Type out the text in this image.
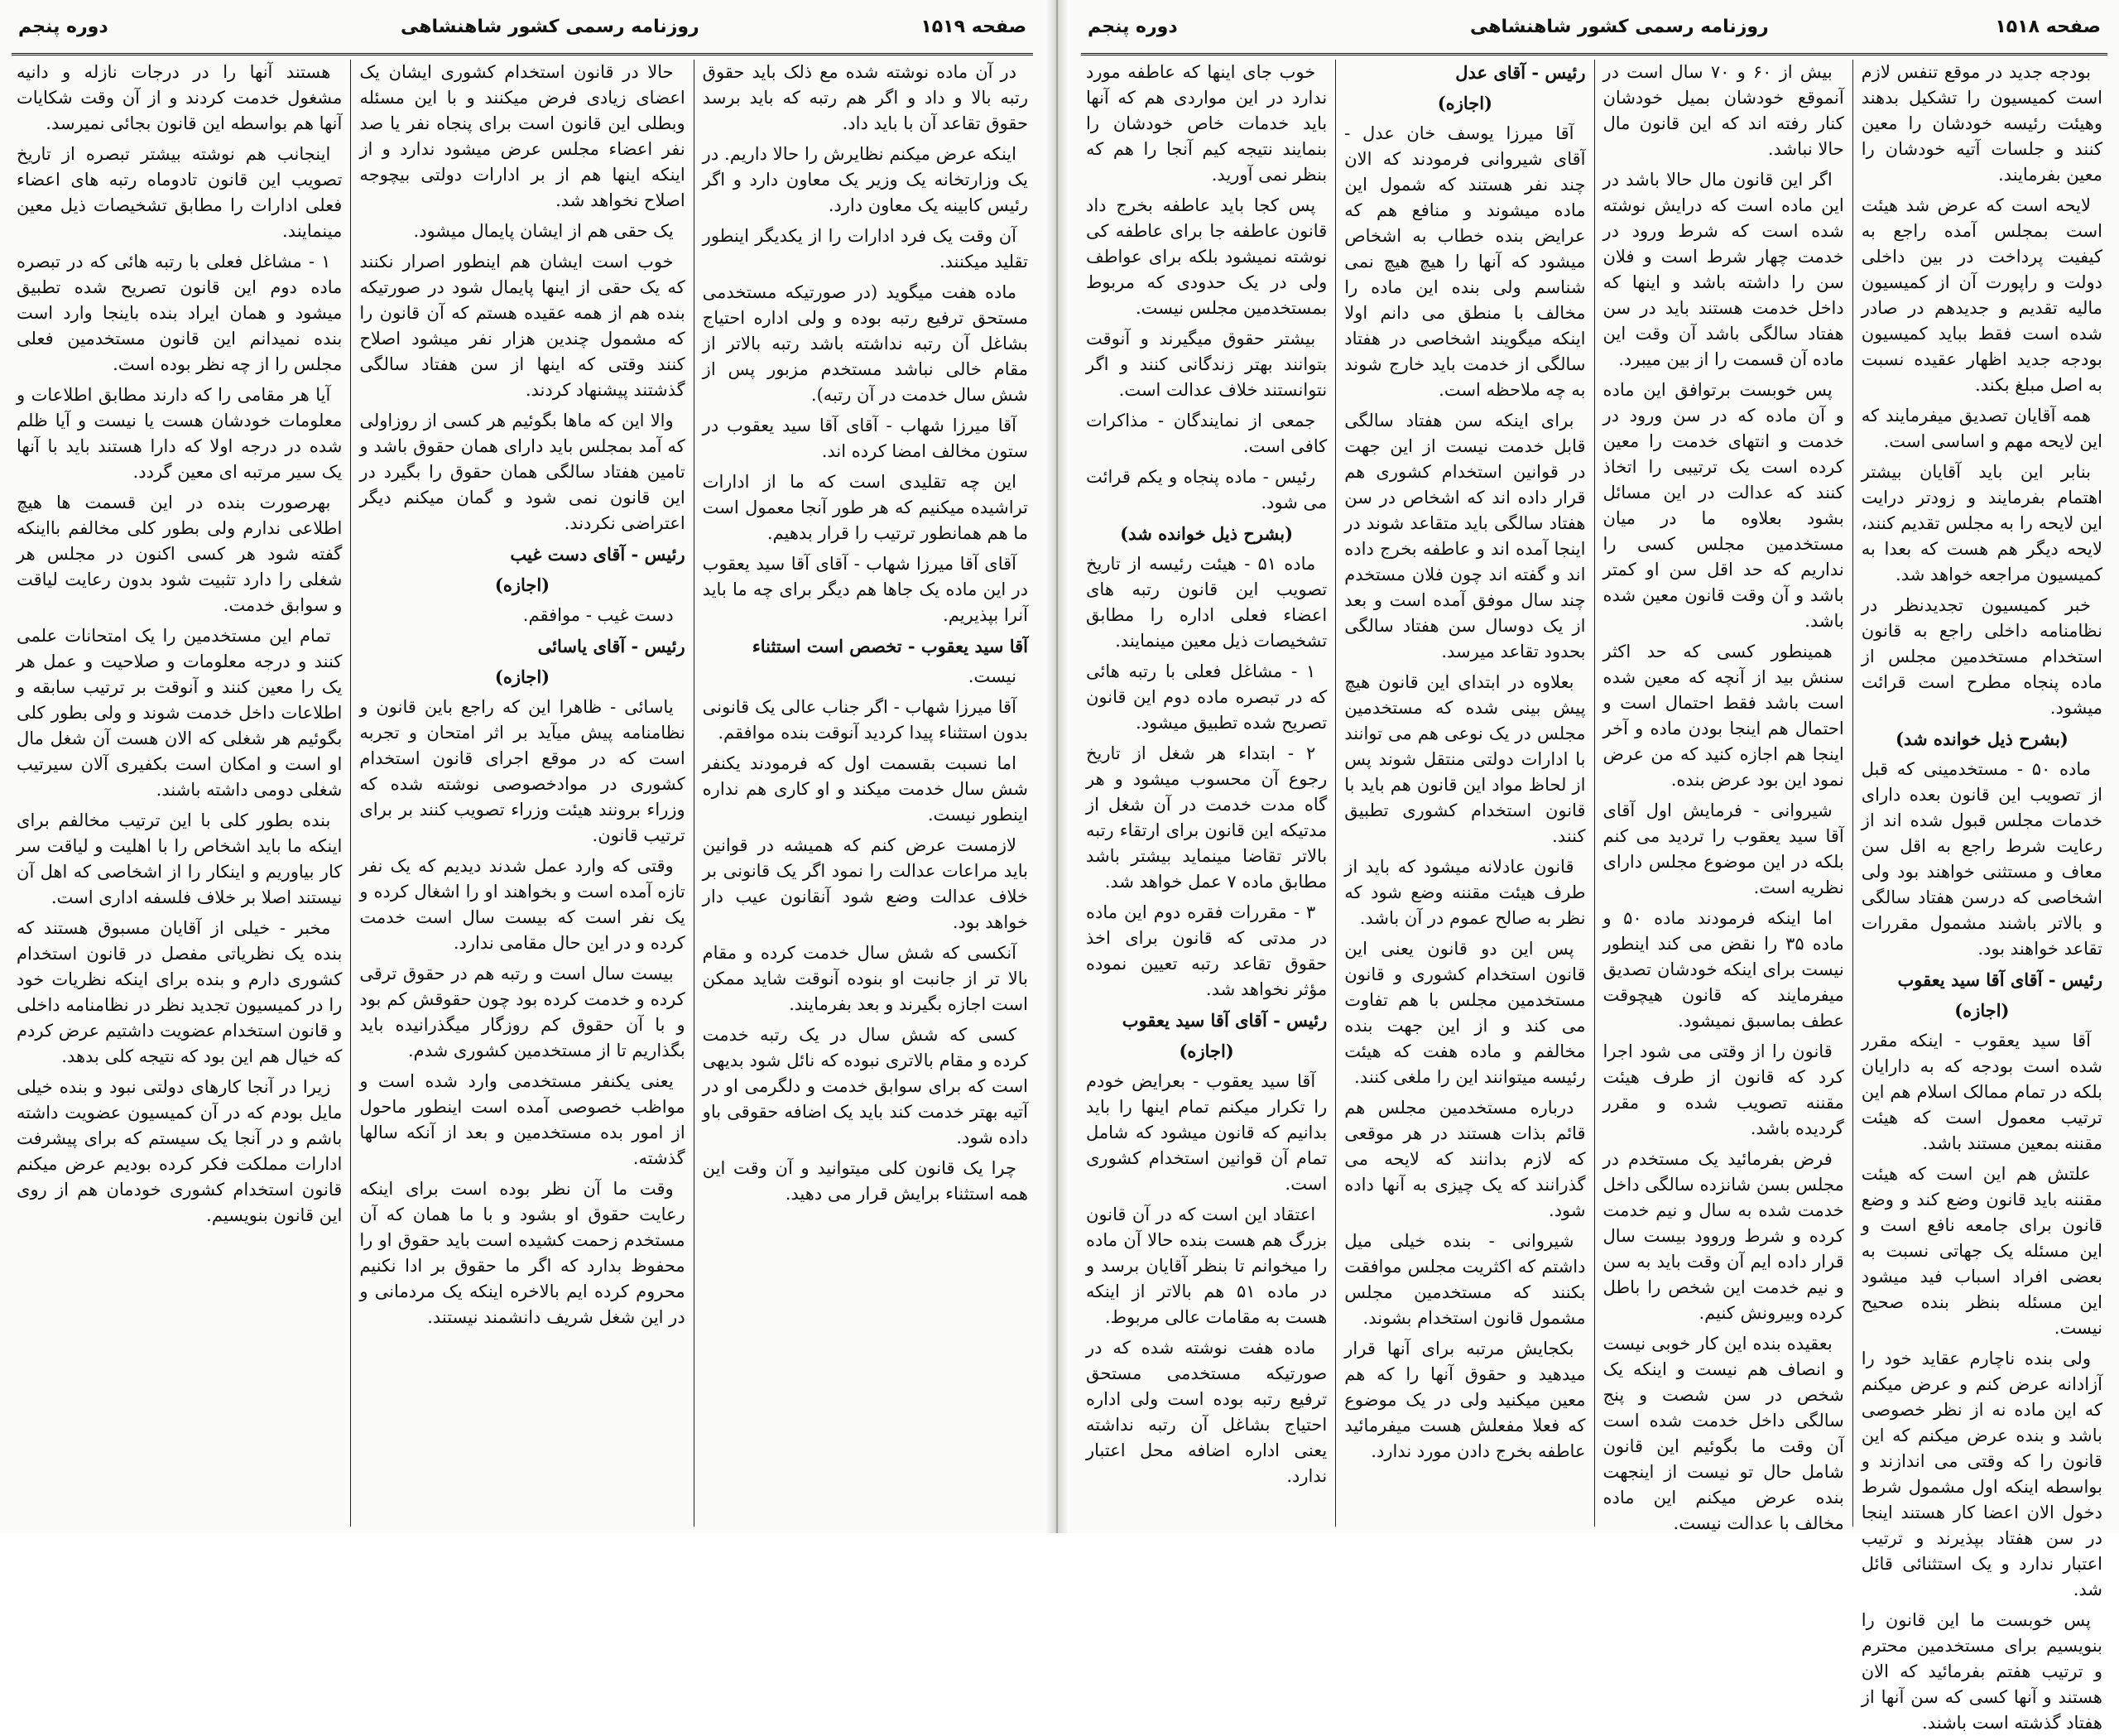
دوره پنجم	روزنامه رسمی کشور شاهنشاهی	صفحه ۱۵۱۹

در آن ماده نوشته شده مع ذلک باید حقوق رتبه بالا و داد و اگر هم رتبه که باید برسد حقوق تقاعد آن با باید داد.

اینکه عرض میکنم نظایرش را حالا داریم. در یک وزارتخانه یک وزیر یک معاون دارد و اگر رئیس کابینه یک معاون دارد.

آن وقت یک فرد ادارات را از یکدیگر اینطور تقلید میکنند.

ماده هفت میگوید (در صورتیکه مستخدمی مستحق ترفیع رتبه بوده و ولی اداره احتیاج بشاغل آن رتبه نداشته باشد رتبه بالاتر از مقام خالی نباشد مستخدم مزبور پس از شش سال خدمت در آن رتبه).

آقا میرزا شهاب - آقای آقا سید یعقوب در ستون مخالف امضا کرده اند.

این چه تقلیدی است که ما از ادارات تراشیده میکنیم که هر طور آنجا معمول است ما هم همانطور ترتیب را قرار بدهیم.

آقای آقا میرزا شهاب - آقای آقا سید یعقوب در این ماده یک جاها هم دیگر برای چه ما باید آنرا بپذیریم.

آقا سید یعقوب - تخصص است استثناء

نیست.

آقا میرزا شهاب - اگر جناب عالی یک قانونی بدون استثناء پیدا کردید آنوقت بنده موافقم.

اما نسبت بقسمت اول که فرمودند یکنفر شش سال خدمت میکند و او کاری هم نداره اینطور نیست.

لازمست عرض کنم که همیشه در قوانین باید مراعات عدالت را نمود اگر یک قانونی بر خلاف عدالت وضع شود آنقانون عیب دار خواهد بود.

آنکسی که شش سال خدمت کرده و مقام بالا تر از جانبت او بنوده آنوقت شاید ممکن است اجازه بگیرند و بعد بفرمایند.

کسی که شش سال در یک رتبه خدمت کرده و مقام بالاتری نبوده که نائل شود بدیهی است که برای سوابق خدمت و دلگرمی او در آتیه بهتر خدمت کند باید یک اضافه حقوقی باو داده شود.

چرا یک قانون کلی میتوانید و آن وقت این همه استثناء برایش قرار می دهید.

حالا در قانون استخدام کشوری ایشان یک اعضای زیادی فرض میکنند و با این مسئله وبطلی این قانون است برای پنجاه نفر یا صد نفر اعضاء مجلس عرض میشود ندارد و از اینکه اینها هم از بر ادارات دولتی بیچوجه اصلاح نخواهد شد.

یک حقی هم از ایشان پایمال میشود.

خوب است ایشان هم اینطور اصرار نکنند که یک حقی از اینها پایمال شود در صورتیکه بنده هم از همه عقیده هستم که آن قانون را که مشمول چندین هزار نفر میشود اصلاح کنند وقتی که اینها از سن هفتاد سالگی گذشتند پیشنهاد کردند.

والا این که ماها بگوئیم هر کسی از روزاولی که آمد بمجلس باید دارای همان حقوق باشد و تامین هفتاد سالگی همان حقوق را بگیرد در این قانون نمی شود و گمان میکنم دیگر اعتراضی نکردند.

رئیس - آقای دست غیب

(اجازه)

دست غیب - موافقم.

رئیس - آقای یاسائی

(اجازه)

یاسائی - ظاهرا این که راجع باین قانون و نظامنامه پیش میآید بر اثر امتحان و تجربه است که در موقع اجرای قانون استخدام کشوری در موادخصوصی نوشته شده که وزراء برونند هیئت وزراء تصویب کنند بر برای ترتیب قانون.

وقتی که وارد عمل شدند دیدیم که یک نفر تازه آمده است و بخواهند او را اشغال کرده و یک نفر است که بیست سال است خدمت کرده و در این حال مقامی ندارد.

بیست سال است و رتبه هم در حقوق ترقی کرده و خدمت کرده بود چون حقوقش کم بود و با آن حقوق کم روزگار میگذرانیده باید بگذاریم تا از مستخدمین کشوری شدم.

یعنی یکنفر مستخدمی وارد شده است و مواظب خصوصی آمده است اینطور ماحول از امور بده مستخدمین و بعد از آنکه سالها گذشته.

وقت ما آن نظر بوده است برای اینکه رعایت حقوق او بشود و با ما همان که آن مستخدم زحمت کشیده است باید حقوق او را محفوظ بدارد که اگر ما حقوق بر ادا نکنیم محروم کرده ایم بالاخره اینکه یک مردمانی و در این شغل شریف دانشمند نیستند.

هستند آنها را در درجات نازله و دانیه مشغول خدمت کردند و از آن وقت شکایات آنها هم بواسطه این قانون بجائی نمیرسد.

اینجانب هم نوشته بیشتر تبصره از تاریخ تصویب این قانون تادوماه رتبه های اعضاء فعلی ادارات را مطابق تشخیصات ذیل معین مینمایند.

۱ - مشاغل فعلی با رتبه هائی که در تبصره ماده دوم این قانون تصریح شده تطبیق میشود و همان ایراد بنده باینجا وارد است بنده نمیدانم این قانون مستخدمین فعلی مجلس را از چه نظر بوده است.

آیا هر مقامی را که دارند مطابق اطلاعات و معلومات خودشان هست یا نیست و آیا ظلم شده در درجه اولا که دارا هستند باید با آنها یک سیر مرتبه ای معین گردد.

بهرصورت بنده در این قسمت ها هیچ اطلاعی ندارم ولی بطور کلی مخالفم بااینکه گفته شود هر کسی اکنون در مجلس هر شغلی را دارد تثبیت شود بدون رعایت لیاقت و سوابق خدمت.

تمام این مستخدمین را یک امتحانات علمی کنند و درجه معلومات و صلاحیت و عمل هر یک را معین کنند و آنوقت بر ترتیب سابقه و اطلاعات داخل خدمت شوند و ولی بطور کلی بگوئیم هر شغلی که الان هست آن شغل مال او است و امکان است بکفیری آلان سیرتیب شغلی دومی داشته باشند.

بنده بطور کلی با این ترتیب مخالفم برای اینکه ما باید اشخاص را با اهلیت و لیاقت سر کار بیاوریم و اینکار را از اشخاصی که اهل آن نیستند اصلا بر خلاف فلسفه اداری است.

مخبر - خیلی از آقایان مسبوق هستند که بنده یک نظریاتی مفصل در قانون استخدام کشوری دارم و بنده برای اینکه نظریات خود را در کمیسیون تجدید نظر در نظامنامه داخلی و قانون استخدام عضویت داشتیم عرض کردم که خیال هم این بود که نتیجه کلی بدهد.

زیرا در آنجا کارهای دولتی نبود و بنده خیلی مایل بودم که در آن کمیسیون عضویت داشته باشم و در آنجا یک سیستم که برای پیشرفت ادارات مملکت فکر کرده بودیم عرض میکنم قانون استخدام کشوری خودمان هم از روی این قانون بنویسیم.

دوره پنجم	روزنامه رسمی کشور شاهنشاهی	صفحه ۱۵۱۸

بودجه جدید در موقع تنفس لازم است کمیسیون را تشکیل بدهند وهیئت رئیسه خودشان را معین کنند و جلسات آتیه خودشان را معین بفرمایند.

لایحه است که عرض شد هیئت است بمجلس آمده راجع به کیفیت پرداخت در بین داخلی دولت و راپورت آن از کمیسیون مالیه تقدیم و جدیدهم در صادر شده است فقط بباید کمیسیون بودجه جدید اظهار عقیده نسبت به اصل مبلغ بکند.

همه آقایان تصدیق میفرمایند که این لایحه مهم و اساسی است.

بنابر این باید آقایان بیشتر اهتمام بفرمایند و زودتر درایت این لایحه را به مجلس تقدیم کنند، لایحه دیگر هم هست که بعدا به کمیسیون مراجعه خواهد شد.

خبر کمیسیون تجدیدنظر در نظامنامه داخلی راجع به قانون استخدام مستخدمین مجلس از ماده پنجاه مطرح است قرائت میشود.

(بشرح ذیل خوانده شد)

ماده ۵۰ - مستخدمینی که قبل از تصویب این قانون بعده دارای خدمات مجلس قبول شده اند از رعایت شرط راجع به اقل سن معاف و مستثنی خواهند بود ولی اشخاصی که درسن هفتاد سالگی و بالاتر باشند مشمول مقررات تقاعد خواهند بود.

رئیس - آقای آقا سید یعقوب

(اجازه)

آقا سید یعقوب - اینکه مقرر شده است بودجه که به دارایان بلکه در تمام ممالک اسلام هم این ترتیب معمول است که هیئت مقننه بمعین مستند باشد.

علتش هم این است که هیئت مقننه باید قانون وضع کند و وضع قانون برای جامعه نافع است و این مسئله یک جهاتی نسبت به بعضی افراد اسباب فید میشود این مسئله بنظر بنده صحیح نیست.

ولی بنده ناچارم عقاید خود را آزادانه عرض کنم و عرض میکنم که این ماده نه از نظر خصوصی باشد و بنده عرض میکنم که این قانون را که وقتی می اندازند و بواسطه اینکه اول مشمول شرط دخول الان اعضا کار هستند اینجا در سن هفتاد بپذیرند و ترتیب اعتبار ندارد و یک استثنائی قائل شد.

پس خوبست ما این قانون را بنویسیم برای مستخدمین محترم و ترتیب هفتم بفرمائید که الان هستند و آنها کسی که سن آنها از هفتاد گذشته است باشند.

بیش از ۶۰ و ۷۰ سال است در آنموقع خودشان بمیل خودشان کنار رفته اند که این قانون مال حالا نباشد.

اگر این قانون مال حالا باشد در این ماده است که درایش نوشته شده است که شرط ورود در خدمت چهار شرط است و فلان سن را داشته باشد و اینها که داخل خدمت هستند باید در سن هفتاد سالگی باشد آن وقت این ماده آن قسمت را از بین میبرد.

پس خوبست برتوافق این ماده و آن ماده که در سن ورود در خدمت و انتهای خدمت را معین کرده است یک ترتیبی را اتخاذ کنند که عدالت در این مسائل بشود بعلاوه ما در میان مستخدمین مجلس کسی را نداریم که حد اقل سن او کمتر باشد و آن وقت قانون معین شده باشد.

همینطور کسی که حد اکثر سنش بید از آنچه که معین شده است باشد فقط احتمال است و احتمال هم اینجا بودن ماده و آخر اینجا هم اجازه کنید که من عرض نمود این بود عرض بنده.

شیروانی - فرمایش اول آقای آقا سید یعقوب را تردید می کنم بلکه در این موضوع مجلس دارای نظریه است.

اما اینکه فرمودند ماده ۵۰ و ماده ۳۵ را نقض می کند اینطور نیست برای اینکه خودشان تصدیق میفرمایند که قانون هیچوقت عطف بماسبق نمیشود.

قانون را از وقتی می شود اجرا کرد که قانون از طرف هیئت مقننه تصویب شده و مقرر گردیده باشد.

فرض بفرمائید یک مستخدم در مجلس بسن شانزده سالگی داخل خدمت شده به سال و نیم خدمت کرده و شرط وروود بیست سال قرار داده ایم آن وقت باید به سن و نیم خدمت این شخص را باطل کرده وبیرونش کنیم.

بعقیده بنده این کار خوبی نیست و انصاف هم نیست و اینکه یک شخص در سن شصت و پنج سالگی داخل خدمت شده است آن وقت ما بگوئیم این قانون شامل حال تو نیست از اینجهت بنده عرض میکنم این ماده مخالف با عدالت نیست.

رئیس - آقای عدل

(اجازه)

آقا میرزا یوسف خان عدل - آقای شیروانی فرمودند که الان چند نفر هستند که شمول این ماده میشوند و منافع هم که عرایض بنده خطاب به اشخاص میشود که آنها را هیچ هیچ نمی شناسم ولی بنده این ماده را مخالف با منطق می دانم اولا اینکه میگویند اشخاصی در هفتاد سالگی از خدمت باید خارج شوند به چه ملاحظه است.

برای اینکه سن هفتاد سالگی قابل خدمت نیست از این جهت در قوانین استخدام کشوری هم قرار داده اند که اشخاص در سن هفتاد سالگی باید متقاعد شوند در اینجا آمده اند و عاطفه بخرج داده اند و گفته اند چون فلان مستخدم چند سال موفق آمده است و بعد از یک دوسال سن هفتاد سالگی بحدود تقاعد میرسد.

بعلاوه در ابتدای این قانون هیچ پیش بینی شده که مستخدمین مجلس در یک نوعی هم می توانند با ادارات دولتی منتقل شوند پس از لحاظ مواد این قانون هم باید با قانون استخدام کشوری تطبیق کنند.

قانون عادلانه میشود که باید از طرف هیئت مقننه وضع شود که نظر به صالح عموم در آن باشد.

پس این دو قانون یعنی این قانون استخدام کشوری و قانون مستخدمین مجلس با هم تفاوت می کند و از این جهت بنده مخالفم و ماده هفت که هیئت رئیسه میتوانند این را ملغی کنند.

درباره مستخدمین مجلس هم قائم بذات هستند در هر موقعی که لازم بدانند که لایحه می گذرانند که یک چیزی به آنها داده شود.

شیروانی - بنده خیلی میل داشتم که اکثریت مجلس موافقت بکنند که مستخدمین مجلس مشمول قانون استخدام بشوند.

بکجایش مرتبه برای آنها قرار میدهید و حقوق آنها را که هم معین میکنید ولی در یک موضوع که فعلا مفعلش هست میفرمائید عاطفه بخرج دادن مورد ندارد.

خوب جای اینها که عاطفه مورد ندارد در این مواردی هم که آنها باید خدمات خاص خودشان را بنمایند نتیجه کیم آنجا را هم که بنظر نمی آورید.

پس کجا باید عاطفه بخرج داد قانون عاطفه جا برای عاطفه کی نوشته نمیشود بلکه برای عواطف ولی در یک حدودی که مربوط بمستخدمین مجلس نیست.

بیشتر حقوق میگیرند و آنوقت بتوانند بهتر زندگانی کنند و اگر نتوانستند خلاف عدالت است.

جمعی از نمایندگان - مذاکرات کافی است.

رئیس - ماده پنجاه و یکم قرائت می شود.

(بشرح ذیل خوانده شد)

ماده ۵۱ - هیئت رئیسه از تاریخ تصویب این قانون رتبه های اعضاء فعلی اداره را مطابق تشخیصات ذیل معین مینمایند.

۱ - مشاغل فعلی با رتبه هائی که در تبصره ماده دوم این قانون تصریح شده تطبیق میشود.

۲ - ابتداء هر شغل از تاریخ رجوع آن محسوب میشود و هر گاه مدت خدمت در آن شغل از مدتیکه این قانون برای ارتقاء رتبه بالاتر تقاضا مینماید بیشتر باشد مطابق ماده ۷ عمل خواهد شد.

۳ - مقررات فقره دوم این ماده در مدتی که قانون برای اخذ حقوق تقاعد رتبه تعیین نموده مؤثر نخواهد شد.

رئیس - آقای آقا سید یعقوب

(اجازه)

آقا سید یعقوب - بعرایض خودم را تکرار میکنم تمام اینها را باید بدانیم که قانون میشود که شامل تمام آن قوانین استخدام کشوری است.

اعتقاد این است که در آن قانون بزرگ هم هست بنده حالا آن ماده را میخوانم تا بنظر آقایان برسد و در ماده ۵۱ هم بالاتر از اینکه هست به مقامات عالی مربوط.

ماده هفت نوشته شده که در صورتیکه مستخدمی مستحق ترفیع رتبه بوده است ولی اداره احتیاج بشاغل آن رتبه نداشته یعنی اداره اضافه محل اعتبار ندارد.
